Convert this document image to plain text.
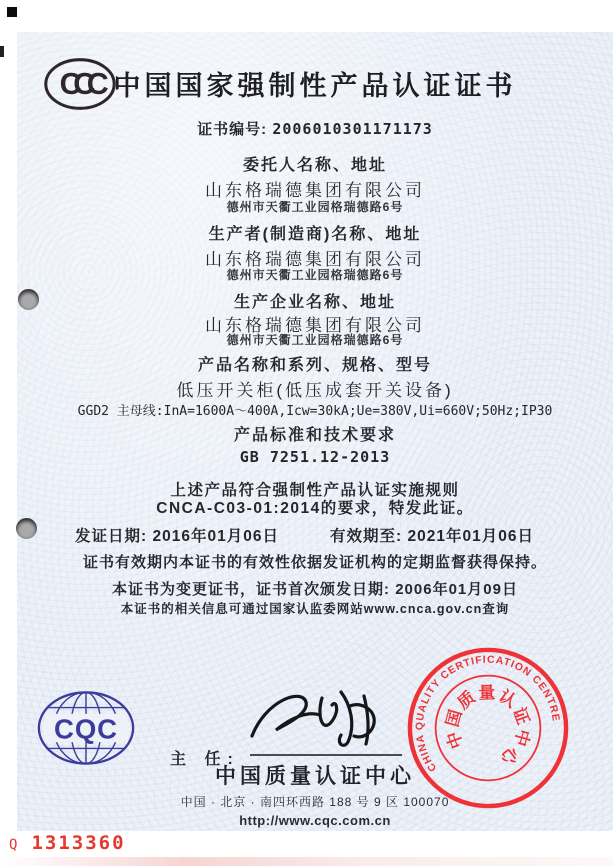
CCC 中国国家强制性产品认证证书
证书编号: 2006010301171173
委托人名称、地址
山东格瑞德集团有限公司
德州市天衢工业园格瑞德路6号
生产者(制造商)名称、地址
山东格瑞德集团有限公司
德州市天衢工业园格瑞德路6号
生产企业名称、地址
山东格瑞德集团有限公司
德州市天衢工业园格瑞德路6号
产品名称和系列、规格、型号
低压开关柜(低压成套开关设备)
GGD2 主母线:InA=1600A～400A,Icw=30kA;Ue=380V,Ui=660V;50Hz;IP30
产品标准和技术要求
GB 7251.12-2013
上述产品符合强制性产品认证实施规则
CNCA-C03-01:2014的要求，特发此证。
发证日期: 2016年01月06日	有效期至: 2021年01月06日
证书有效期内本证书的有效性依据发证机构的定期监督获得保持。
本证书为变更证书，证书首次颁发日期: 2006年01月09日
本证书的相关信息可通过国家认监委网站www.cnca.gov.cn查询
CQC
主 任:
中国质量认证中心
中国 · 北京 · 南四环西路 188 号 9 区 100070
http://www.cqc.com.cn
CHINA QUALITY CERTIFICATION CENTRE
中
国
质 量 认
证
中
心
Q 1313360
